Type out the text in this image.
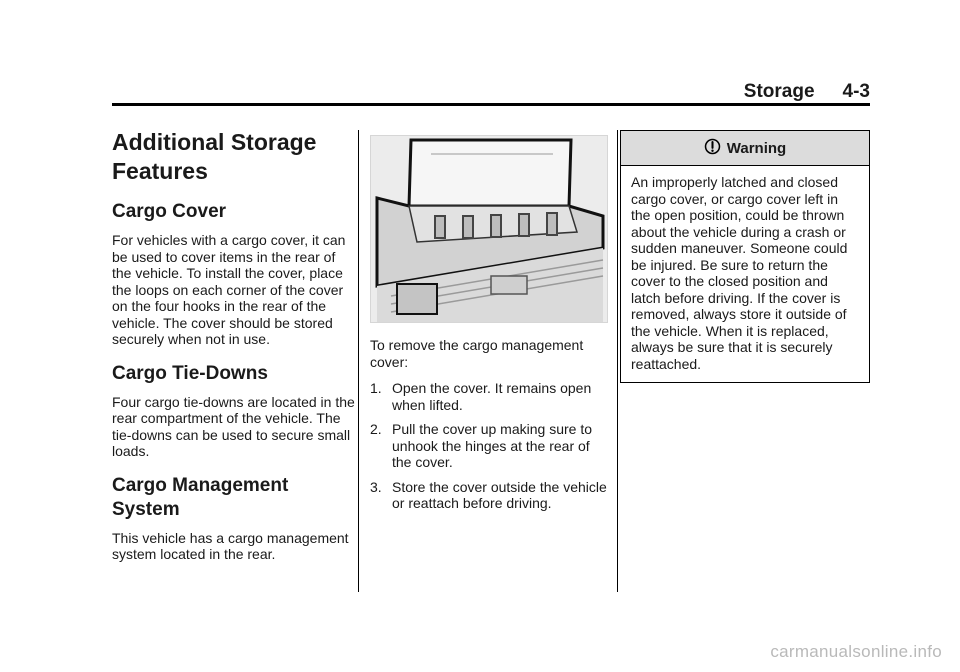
Storage 4-3
Additional Storage Features
Cargo Cover

For vehicles with a cargo cover, it can be used to cover items in the rear of the vehicle. To install the cover, place the loops on each corner of the cover on the four hooks in the rear of the vehicle. The cover should be stored securely when not in use.

Cargo Tie-Downs

Four cargo tie-downs are located in the rear compartment of the vehicle. The tie-downs can be used to secure small loads.

Cargo Management System

This vehicle has a cargo management system located in the rear.

To remove the cargo management cover:

1. Open the cover. It remains open when lifted.
2. Pull the cover up making sure to unhook the hinges at the rear of the cover.
3. Store the cover outside the vehicle or reattach before driving.
Warning
An improperly latched and closed cargo cover, or cargo cover left in the open position, could be thrown about the vehicle during a crash or sudden maneuver. Someone could be injured. Be sure to return the cover to the closed position and latch before driving. If the cover is removed, always store it outside of the vehicle. When it is replaced, always be sure that it is securely reattached.
carmanualsonline.info
